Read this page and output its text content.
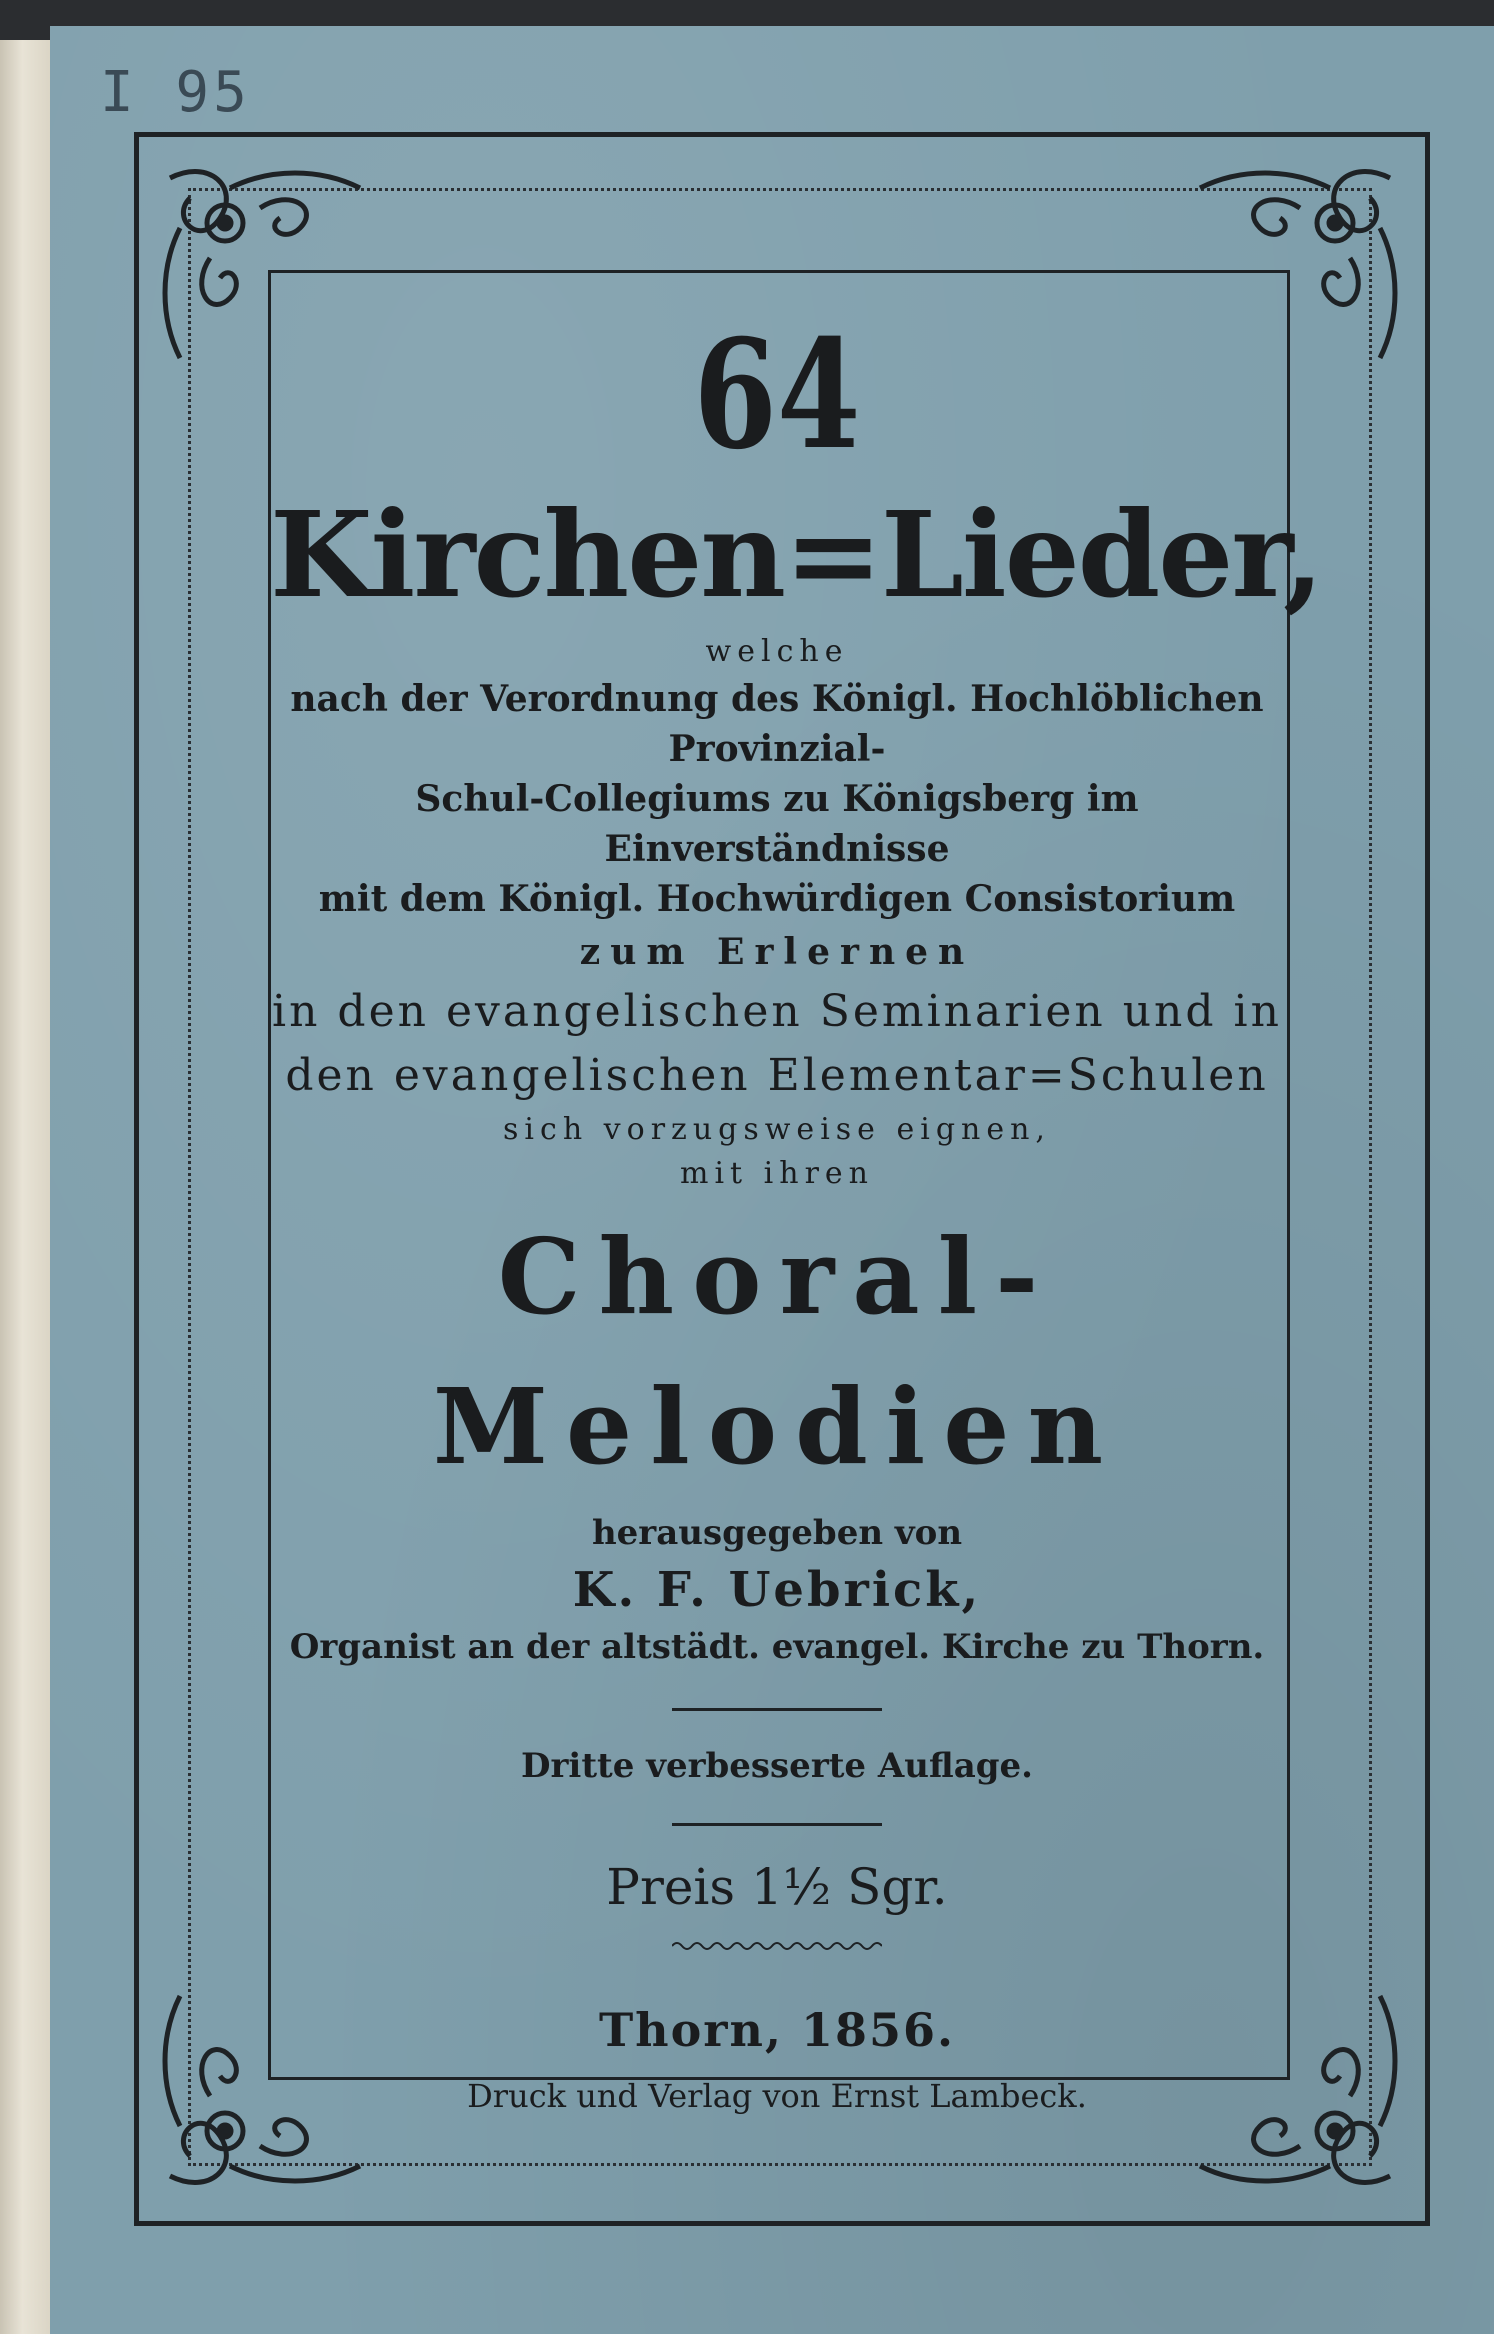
I 95
64
Kirchen=Lieder,
welche
nach der Verordnung des Königl. Hochlöblichen Provinzial-
Schul-Collegiums zu Königsberg im Einverständnisse
mit dem Königl. Hochwürdigen Consistorium
zum Erlernen
in den evangelischen Seminarien und in
den evangelischen Elementar=Schulen
sich vorzugsweise eignen,
mit ihren
Choral-Melodien
herausgegeben von
K. F. Uebrick,
Organist an der altstädt. evangel. Kirche zu Thorn.
Dritte verbesserte Auflage.
Preis 1½ Sgr.
Thorn, 1856.
Druck und Verlag von Ernst Lambeck.
